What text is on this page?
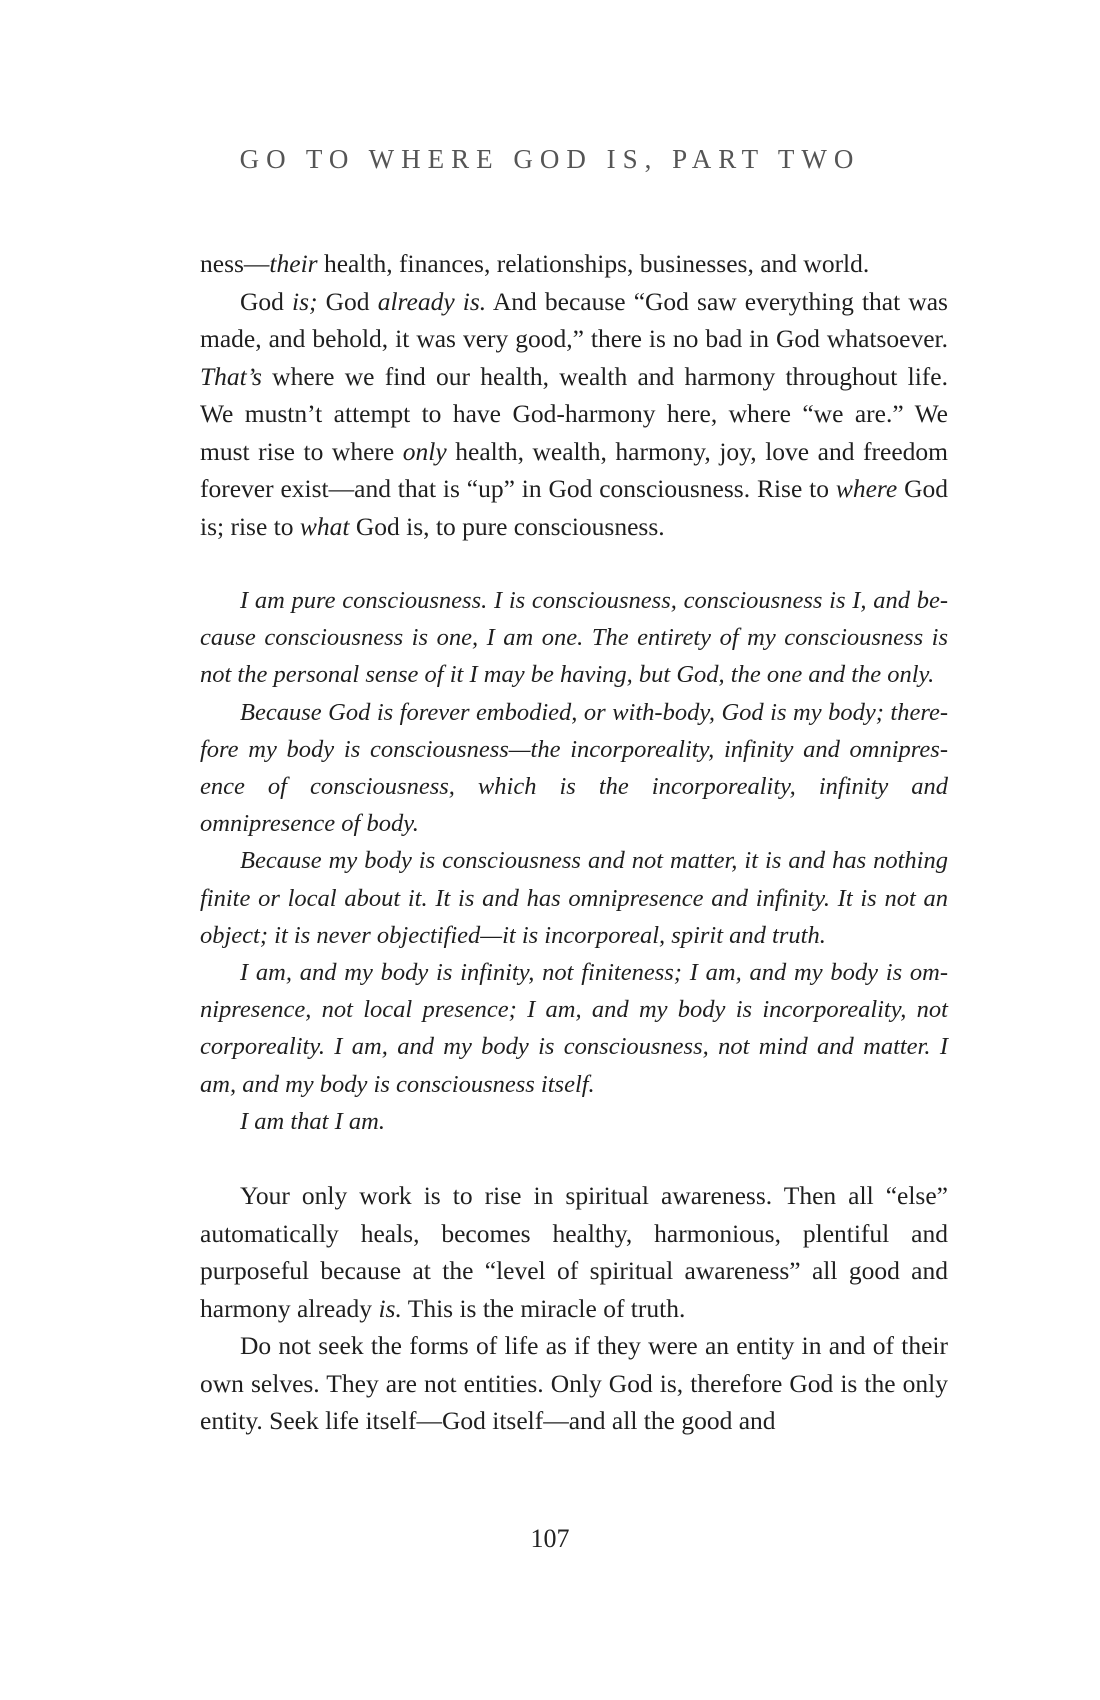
GO TO WHERE GOD IS, PART TWO

ness—their health, finances, relationships, businesses, and world.

God is; God already is. And because “God saw everything that was made, and behold, it was very good,” there is no bad in God whatsoever. That’s where we find our health, wealth and harmony throughout life. We mustn’t attempt to have God-harmony here, where “we are.” We must rise to where only health, wealth, harmony, joy, love and freedom forever exist—and that is “up” in God consciousness. Rise to where God is; rise to what God is, to pure consciousness.

I am pure consciousness. I is consciousness, consciousness is I, and because consciousness is one, I am one. The entirety of my consciousness is not the personal sense of it I may be having, but God, the one and the only.

Because God is forever embodied, or with-body, God is my body; therefore my body is consciousness—the incorporeality, infinity and omnipresence of consciousness, which is the incorporeality, infinity and omnipresence of body.

Because my body is consciousness and not matter, it is and has nothing finite or local about it. It is and has omnipresence and infinity. It is not an object; it is never objectified—it is incorporeal, spirit and truth.

I am, and my body is infinity, not finiteness; I am, and my body is omnipresence, not local presence; I am, and my body is incorporeality, not corporeality. I am, and my body is consciousness, not mind and matter. I am, and my body is consciousness itself.

I am that I am.

Your only work is to rise in spiritual awareness. Then all “else” automatically heals, becomes healthy, harmonious, plentiful and purposeful because at the “level of spiritual awareness” all good and harmony already is. This is the miracle of truth.

Do not seek the forms of life as if they were an entity in and of their own selves. They are not entities. Only God is, therefore God is the only entity. Seek life itself—God itself—and all the good and

107
